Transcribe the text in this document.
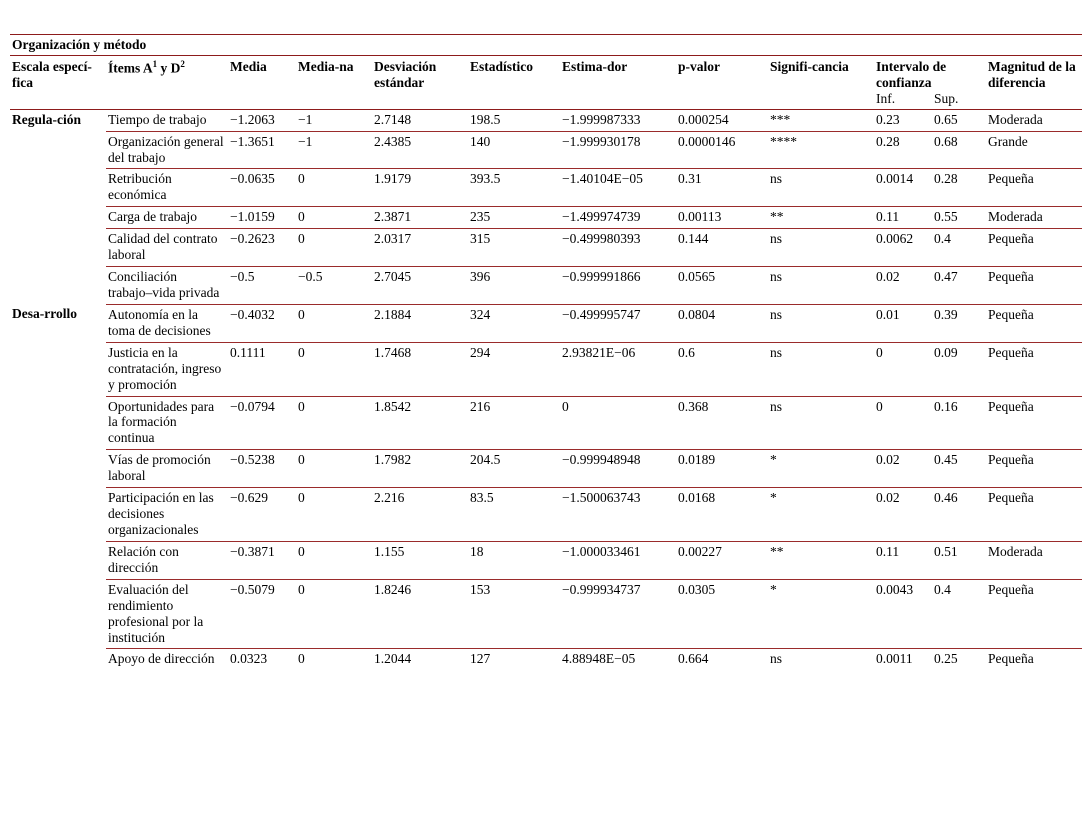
Organización y método											
Escala especí-fica	Ítems $A^1$ y $D^2$	Media	Media-na	Desviación estándar	Estadístico	Estima-dor	p-valor	Signifi-cancia	Intervalo de confianza		Magnitud de la diferencia
									Inf.	Sup.	
Regula-ción	Tiempo de trabajo	−1.2063	−1	2.7148	198.5	−1.999987333	0.000254	***	0.23	0.65	Moderada
	Organización general del trabajo	−1.3651	−1	2.4385	140	−1.999930178	0.0000146	****	0.28	0.68	Grande
	Retribución económica	−0.0635	0	1.9179	393.5	−1.40104E−05	0.31	ns	0.0014	0.28	Pequeña
	Carga de trabajo	−1.0159	0	2.3871	235	−1.499974739	0.00113	**	0.11	0.55	Moderada
	Calidad del contrato laboral	−0.2623	0	2.0317	315	−0.499980393	0.144	ns	0.0062	0.4	Pequeña
	Conciliación trabajo–vida privada	−0.5	−0.5	2.7045	396	−0.999991866	0.0565	ns	0.02	0.47	Pequeña
Desa-rrollo	Autonomía en la toma de decisiones	−0.4032	0	2.1884	324	−0.499995747	0.0804	ns	0.01	0.39	Pequeña
	Justicia en la contratación, ingreso y promoción	0.1111	0	1.7468	294	2.93821E−06	0.6	ns	0	0.09	Pequeña
	Oportunidades para la formación continua	−0.0794	0	1.8542	216	0	0.368	ns	0	0.16	Pequeña
	Vías de promoción laboral	−0.5238	0	1.7982	204.5	−0.999948948	0.0189	*	0.02	0.45	Pequeña
	Participación en las decisiones organizacionales	−0.629	0	2.216	83.5	−1.500063743	0.0168	*	0.02	0.46	Pequeña
	Relación con dirección	−0.3871	0	1.155	18	−1.000033461	0.00227	**	0.11	0.51	Moderada
	Evaluación del rendimiento profesional por la institución	−0.5079	0	1.8246	153	−0.999934737	0.0305	*	0.0043	0.4	Pequeña
	Apoyo de dirección	0.0323	0	1.2044	127	4.88948E−05	0.664	ns	0.0011	0.25	Pequeña
